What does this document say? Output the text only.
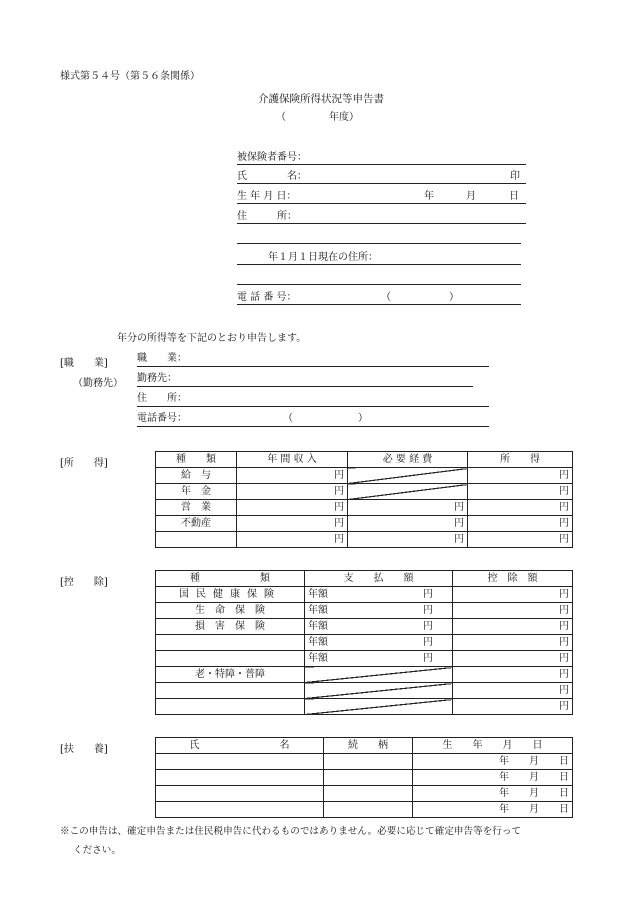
様式第５４号（第５６条関係）
介護保険所得状況等申告書
（	年度）
被保険者番号：
氏　　　　名：	印
生 年 月 日：	年	月	日
住　　　所：
年１月１日現在の住所：
電 話 番 号：	（	）
年分の所得等を下記のとおり申告します。
[職　　業]	職　　業：
（勤務先） 勤務先：
住　　所：
電話番号：	（	）
[所　　得]	種　　類	年 間 収 入	必 要 経 費	所　　得
給　与	円		円
年　金	円		円
営　業	円	円	円
不動産	円	円	円
	円	円	円
[控　　除]	種　　　　　　類	支　　払　　額	控　除　額
国民健康保険	年額 円	円
生　命　保　険	年額 円	円
損　害　保　険	年額 円	円

	年額 円	円

	年額 円	円
老・特障・普障		円
		円
		円
[扶　　養]	氏　　　　　　　　名	続　　柄	生　　年　　月　　日
		年　　月　　日
		年　　月　　日
		年　　月　　日
		年　　月　　日
※この申告は、確定申告または住民税申告に代わるものではありません。必要に応じて確定申告等を行って
ください。
